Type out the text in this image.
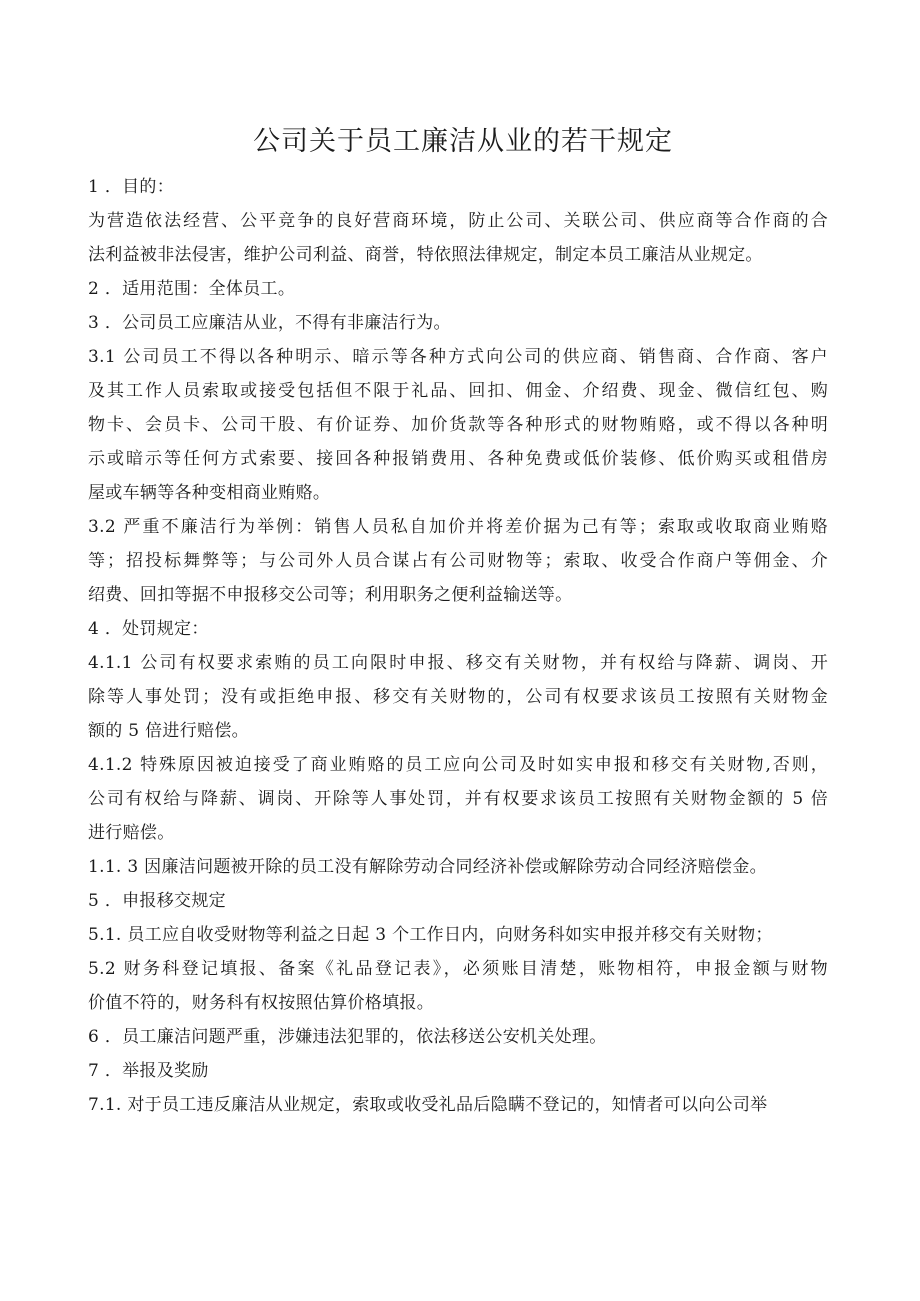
公司关于员工廉洁从业的若干规定

1 ．目的：

为营造依法经营、公平竞争的良好营商环境，防止公司、关联公司、供应商等合作商的合
法利益被非法侵害，维护公司利益、商誉，特依照法律规定，制定本员工廉洁从业规定。

2 ．适用范围：全体员工。

3 ．公司员工应廉洁从业，不得有非廉洁行为。

3.1 公司员工不得以各种明示、暗示等各种方式向公司的供应商、销售商、合作商、客户
及其工作人员索取或接受包括但不限于礼品、回扣、佣金、介绍费、现金、微信红包、购
物卡、会员卡、公司干股、有价证券、加价货款等各种形式的财物贿赂，或不得以各种明
示或暗示等任何方式索要、接回各种报销费用、各种免费或低价装修、低价购买或租借房
屋或车辆等各种变相商业贿赂。

3.2 严重不廉洁行为举例：销售人员私自加价并将差价据为己有等；索取或收取商业贿赂
等；招投标舞弊等；与公司外人员合谋占有公司财物等；索取、收受合作商户等佣金、介
绍费、回扣等据不申报移交公司等；利用职务之便利益输送等。

4 ．处罚规定：

4.1.1 公司有权要求索贿的员工向限时申报、移交有关财物，并有权给与降薪、调岗、开
除等人事处罚；没有或拒绝申报、移交有关财物的，公司有权要求该员工按照有关财物金
额的 5 倍进行赔偿。

4.1.2 特殊原因被迫接受了商业贿赂的员工应向公司及时如实申报和移交有关财物,否则，
公司有权给与降薪、调岗、开除等人事处罚，并有权要求该员工按照有关财物金额的 5 倍
进行赔偿。

1.1. 3 因廉洁问题被开除的员工没有解除劳动合同经济补偿或解除劳动合同经济赔偿金。

5 ．申报移交规定

5.1. 员工应自收受财物等利益之日起 3 个工作日内，向财务科如实申报并移交有关财物；

5.2 财务科登记填报、备案《礼品登记表》，必须账目清楚，账物相符，申报金额与财物
价值不符的，财务科有权按照估算价格填报。

6 ．员工廉洁问题严重，涉嫌违法犯罪的，依法移送公安机关处理。

7 ．举报及奖励

7.1. 对于员工违反廉洁从业规定，索取或收受礼品后隐瞒不登记的，知情者可以向公司举
